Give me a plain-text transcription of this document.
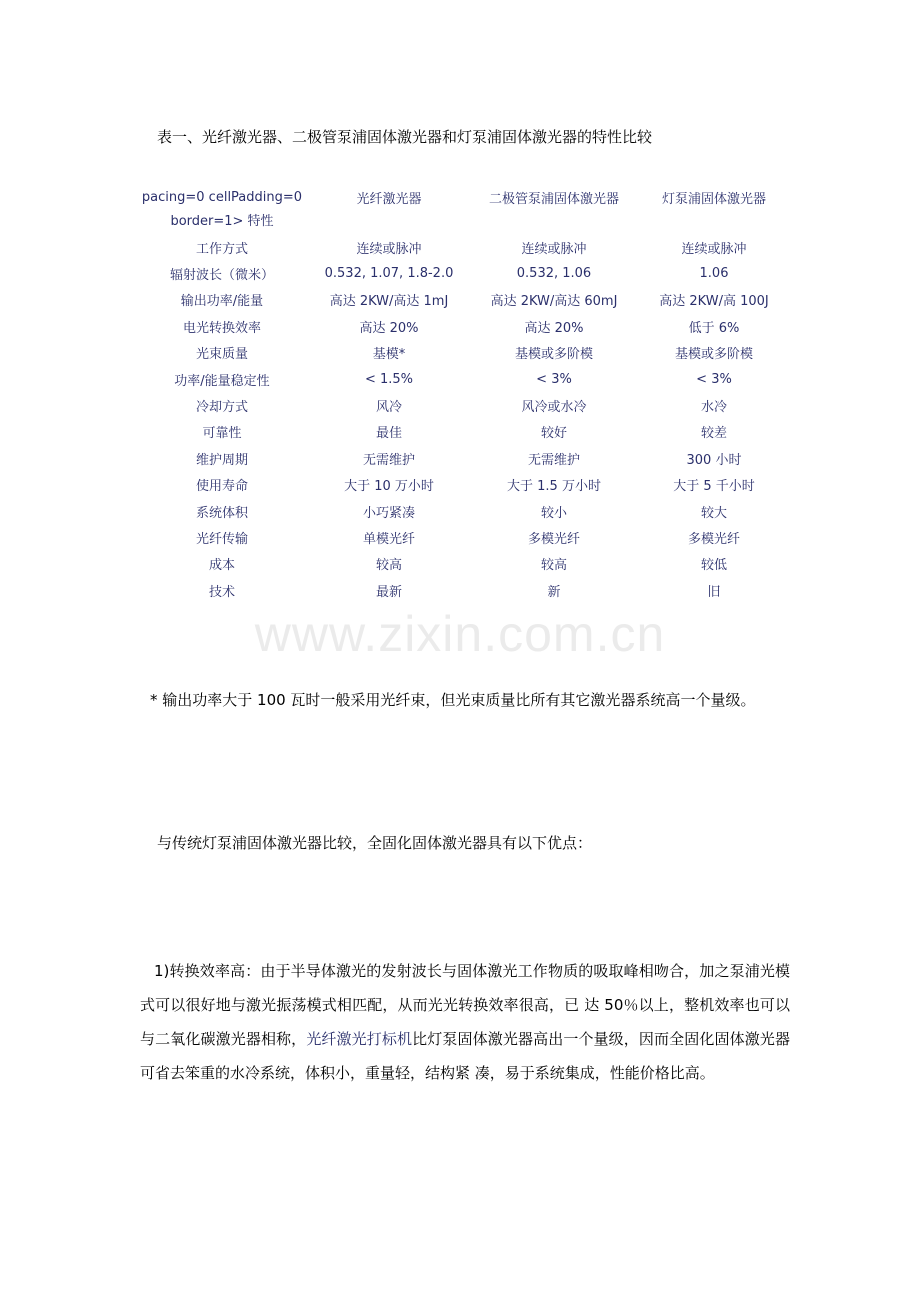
表一、光纤激光器、二极管泵浦固体激光器和灯泵浦固体激光器的特性比较
pacing=0 cellPadding=0
border=1> 特性	光纤激光器	二极管泵浦固体激光器	灯泵浦固体激光器
工作方式	连续或脉冲	连续或脉冲	连续或脉冲
辐射波长（微米）	0.532, 1.07, 1.8-2.0	0.532, 1.06	1.06
输出功率/能量	高达 2KW/高达 1mJ	高达 2KW/高达 60mJ	高达 2KW/高 100J
电光转换效率	高达 20%	高达 20%	低于 6%
光束质量	基模*	基模或多阶模	基模或多阶模
功率/能量稳定性	< 1.5%	< 3%	< 3%
冷却方式	风冷	风冷或水冷	水冷
可靠性	最佳	较好	较差
维护周期	无需维护	无需维护	300 小时
使用寿命	大于 10 万小时	大于 1.5 万小时	大于 5 千小时
系统体积	小巧紧凑	较小	较大
光纤传输	单模光纤	多模光纤	多模光纤
成本	较高	较高	较低
技术	最新	新	旧
www.zixin.com.cn
* 输出功率大于 100 瓦时一般采用光纤束，但光束质量比所有其它激光器系统高一个量级。
与传统灯泵浦固体激光器比较，全固化固体激光器具有以下优点：
1)转换效率高：由于半导体激光的发射波长与固体激光工作物质的吸取峰相吻合，加之泵浦光模式可以很好地与激光振荡模式相匹配，从而光光转换效率很高，已 达 50％以上，整机效率也可以与二氧化碳激光器相称，光纤激光打标机比灯泵固体激光器高出一个量级，因而全固化固体激光器可省去笨重的水冷系统，体积小，重量轻，结构紧 凑，易于系统集成，性能价格比高。
